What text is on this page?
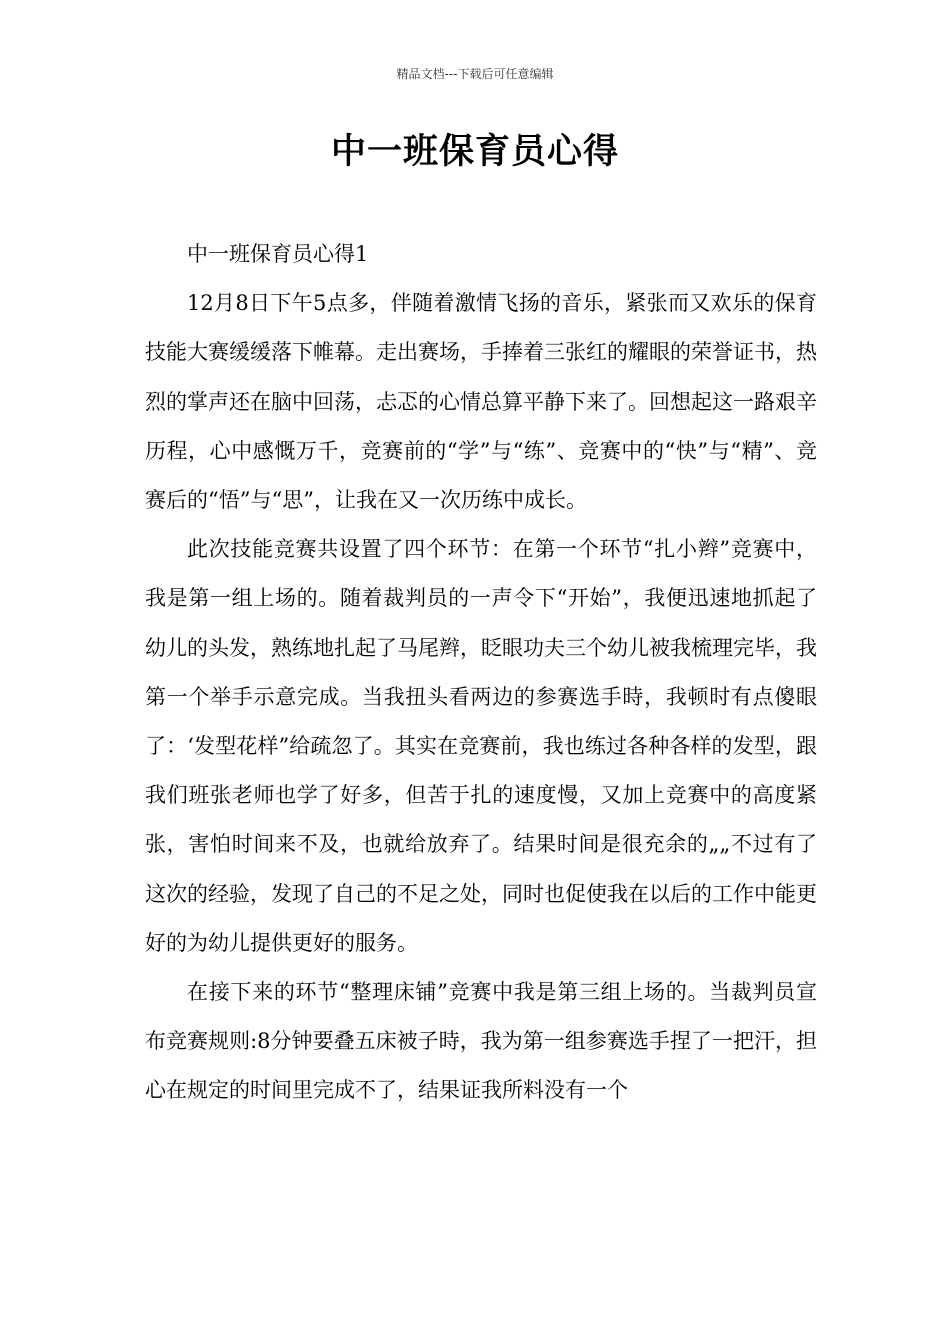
精品文档---下载后可任意编辑
中一班保育员心得

中一班保育员心得1

12月8日下午5点多，伴随着激情飞扬的音乐，紧张而又欢乐的保育技能大赛缓缓落下帷幕。走出赛场，手捧着三张红的耀眼的荣誉证书，热烈的掌声还在脑中回荡，忐忑的心情总算平静下来了。回想起这一路艰辛历程，心中感慨万千，竞赛前的“学”与“练”、竞赛中的“快”与“精”、竞赛后的“悟”与“思”，让我在又一次历练中成长。

此次技能竞赛共设置了四个环节：在第一个环节“扎小辫”竞赛中，我是第一组上场的。随着裁判员的一声令下“开始”，我便迅速地抓起了幼儿的头发，熟练地扎起了马尾辫，眨眼功夫三个幼儿被我梳理完毕，我第一个举手示意完成。当我扭头看两边的参赛选手時，我顿时有点傻眼了：‘发型花样”给疏忽了。其实在竞赛前，我也练过各种各样的发型，跟我们班张老师也学了好多，但苦于扎的速度慢，又加上竞赛中的高度紧张，害怕时间来不及，也就给放弃了。结果时间是很充余的„„不过有了这次的经验，发现了自己的不足之处，同时也促使我在以后的工作中能更好的为幼儿提供更好的服务。

在接下来的环节“整理床铺”竞赛中我是第三组上场的。当裁判员宣布竞赛规则:8分钟要叠五床被子時，我为第一组参赛选手捏了一把汗，担心在规定的时间里完成不了，结果证我所料没有一个
